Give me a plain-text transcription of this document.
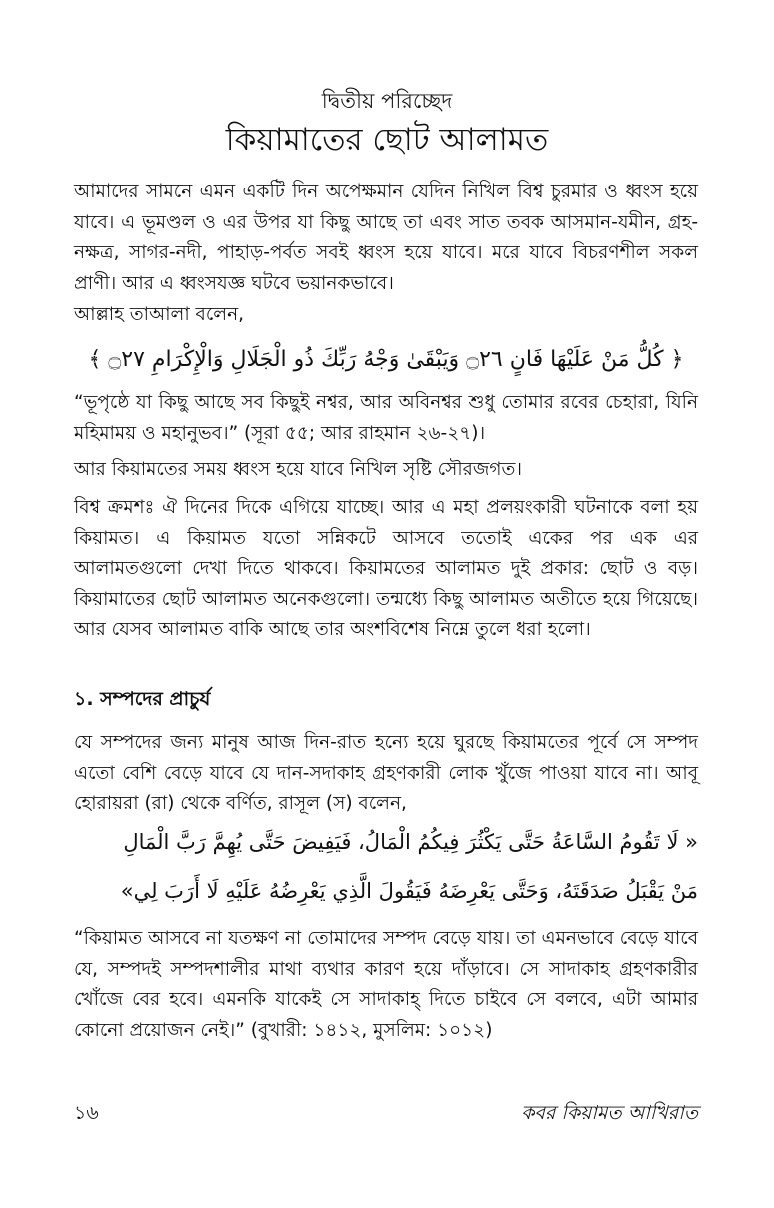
দ্বিতীয় পরিচ্ছেদ
কিয়ামাতের ছোট আলামত

আমাদের সামনে এমন একটি দিন অপেক্ষমান যেদিন নিখিল বিশ্ব চুরমার ও ধ্বংস হয়ে যাবে। এ ভূমণ্ডল ও এর উপর যা কিছু আছে তা এবং সাত তবক আসমান-যমীন, গ্রহ-নক্ষত্র, সাগর-নদী, পাহাড়-পর্বত সবই ধ্বংস হয়ে যাবে। মরে যাবে বিচরণশীল সকল প্রাণী। আর এ ধ্বংসযজ্ঞ ঘটবে ভয়ানকভাবে।

আল্লাহ তাআলা বলেন,

﴿ كُلُّ مَنْ عَلَيْهَا فَانٍ ۝٢٦ وَيَبْقَىٰ وَجْهُ رَبِّكَ ذُو الْجَلَالِ وَالْإِكْرَامِ ۝٢٧ ﴾

“ভূপৃষ্ঠে যা কিছু আছে সব কিছুই নশ্বর, আর অবিনশ্বর শুধু তোমার রবের চেহারা, যিনি মহিমাময় ও মহানুভব।” (সূরা ৫৫; আর রাহমান ২৬-২৭)।

আর কিয়ামতের সময় ধ্বংস হয়ে যাবে নিখিল সৃষ্টি সৌরজগত।

বিশ্ব ক্রমশঃ ঐ দিনের দিকে এগিয়ে যাচ্ছে। আর এ মহা প্রলয়ংকারী ঘটনাকে বলা হয় কিয়ামত। এ কিয়ামত যতো সন্নিকটে আসবে ততোই একের পর এক এর আলামতগুলো দেখা দিতে থাকবে। কিয়ামতের আলামত দুই প্রকার: ছোট ও বড়। কিয়ামাতের ছোট আলামত অনেকগুলো। তন্মধ্যে কিছু আলামত অতীতে হয়ে গিয়েছে। আর যেসব আলামত বাকি আছে তার অংশবিশেষ নিম্নে তুলে ধরা হলো।

১. সম্পদের প্রাচুর্য

যে সম্পদের জন্য মানুষ আজ দিন-রাত হন্যে হয়ে ঘুরছে কিয়ামতের পূর্বে সে সম্পদ এতো বেশি বেড়ে যাবে যে দান-সদাকাহ গ্রহণকারী লোক খুঁজে পাওয়া যাবে না। আবূ হোরায়রা (রা) থেকে বর্ণিত, রাসূল (স) বলেন,

« لَا تَقُومُ السَّاعَةُ حَتَّى يَكْثُرَ فِيكُمُ الْمَالُ، فَيَفِيضَ حَتَّى يُهِمَّ رَبَّ الْمَالِ
مَنْ يَقْبَلُ صَدَقَتَهُ، وَحَتَّى يَعْرِضَهُ فَيَقُولَ الَّذِي يَعْرِضُهُ عَلَيْهِ لَا أَرَبَ لِي»

“কিয়ামত আসবে না যতক্ষণ না তোমাদের সম্পদ বেড়ে যায়। তা এমনভাবে বেড়ে যাবে যে, সম্পদই সম্পদশালীর মাথা ব্যথার কারণ হয়ে দাঁড়াবে। সে সাদাকাহ গ্রহণকারীর খোঁজে বের হবে। এমনকি যাকেই সে সাদাকাহ্‌ দিতে চাইবে সে বলবে, এটা আমার কোনো প্রয়োজন নেই।” (বুখারী: ১৪১২, মুসলিম: ১০১২)

১৬	কবর কিয়ামত আখিরাত
